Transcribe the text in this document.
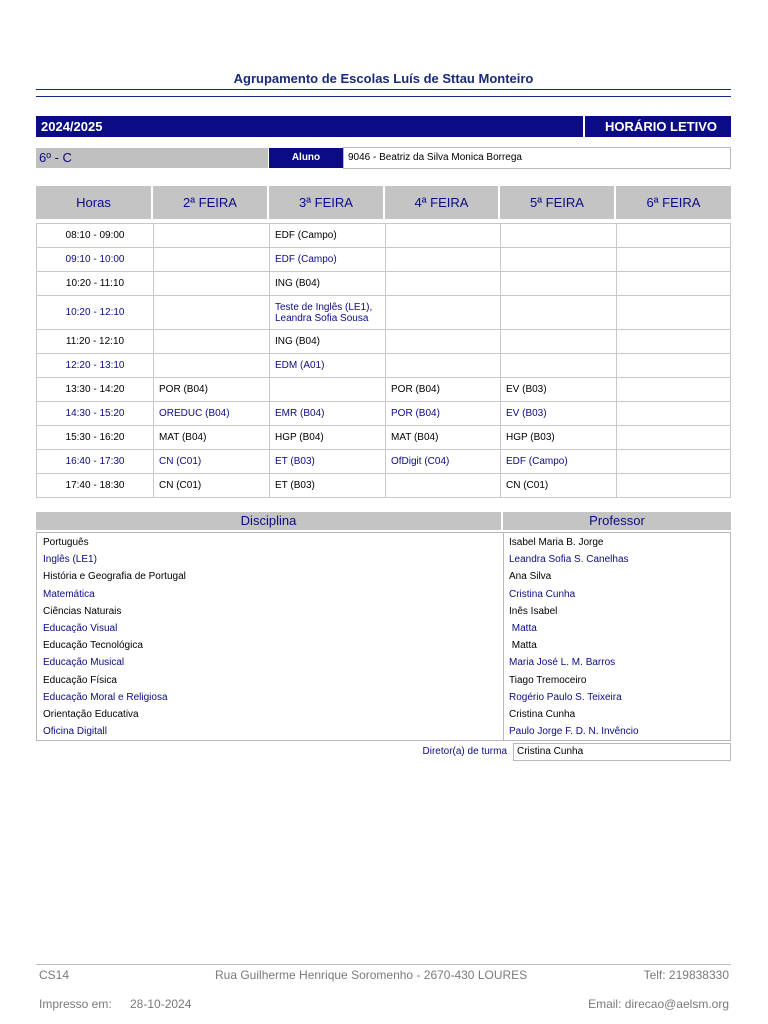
Agrupamento de Escolas Luís de Sttau Monteiro
2024/2025	HORÁRIO LETIVO
6º - C	Aluno	9046 - Beatriz da Silva Monica Borrega
Horas	2ª FEIRA	3ª FEIRA	4ª FEIRA	5ª FEIRA	6ª FEIRA

08:10 - 09:00		EDF (Campo)			
09:10 - 10:00		EDF (Campo)			
10:20 - 11:10		ING (B04)			
10:20 - 12:10		Teste de Inglês (LE1),
Leandra Sofia Sousa			
11:20 - 12:10		ING (B04)			
12:20 - 13:10		EDM (A01)			
13:30 - 14:20	POR (B04)		POR (B04)	EV (B03)	
14:30 - 15:20	OREDUC (B04)	EMR (B04)	POR (B04)	EV (B03)	
15:30 - 16:20	MAT (B04)	HGP (B04)	MAT (B04)	HGP (B03)	
16:40 - 17:30	CN (C01)	ET (B03)	OfDigit (C04)	EDF (Campo)	
17:40 - 18:30	CN (C01)	ET (B03)		CN (C01)	
Disciplina	Professor
Português	Isabel Maria B. Jorge
Inglês (LE1)	Leandra Sofia S. Canelhas
História e Geografia de Portugal	Ana Silva
Matemática	Cristina Cunha
Ciências Naturais	Inês Isabel
Educação Visual	Matta
Educação Tecnológica	Matta
Educação Musical	Maria José L. M. Barros
Educação Física	Tiago Tremoceiro
Educação Moral e Religiosa	Rogério Paulo S. Teixeira
Orientação Educativa	Cristina Cunha
Oficina Digitall	Paulo Jorge F. D. N. Invêncio
Diretor(a) de turma	Cristina Cunha
CS14	Rua Guilherme Henrique Soromenho - 2670-430 LOURES	Telf: 219838330
Impresso em: 28-10-2024	Email: direcao@aelsm.org
